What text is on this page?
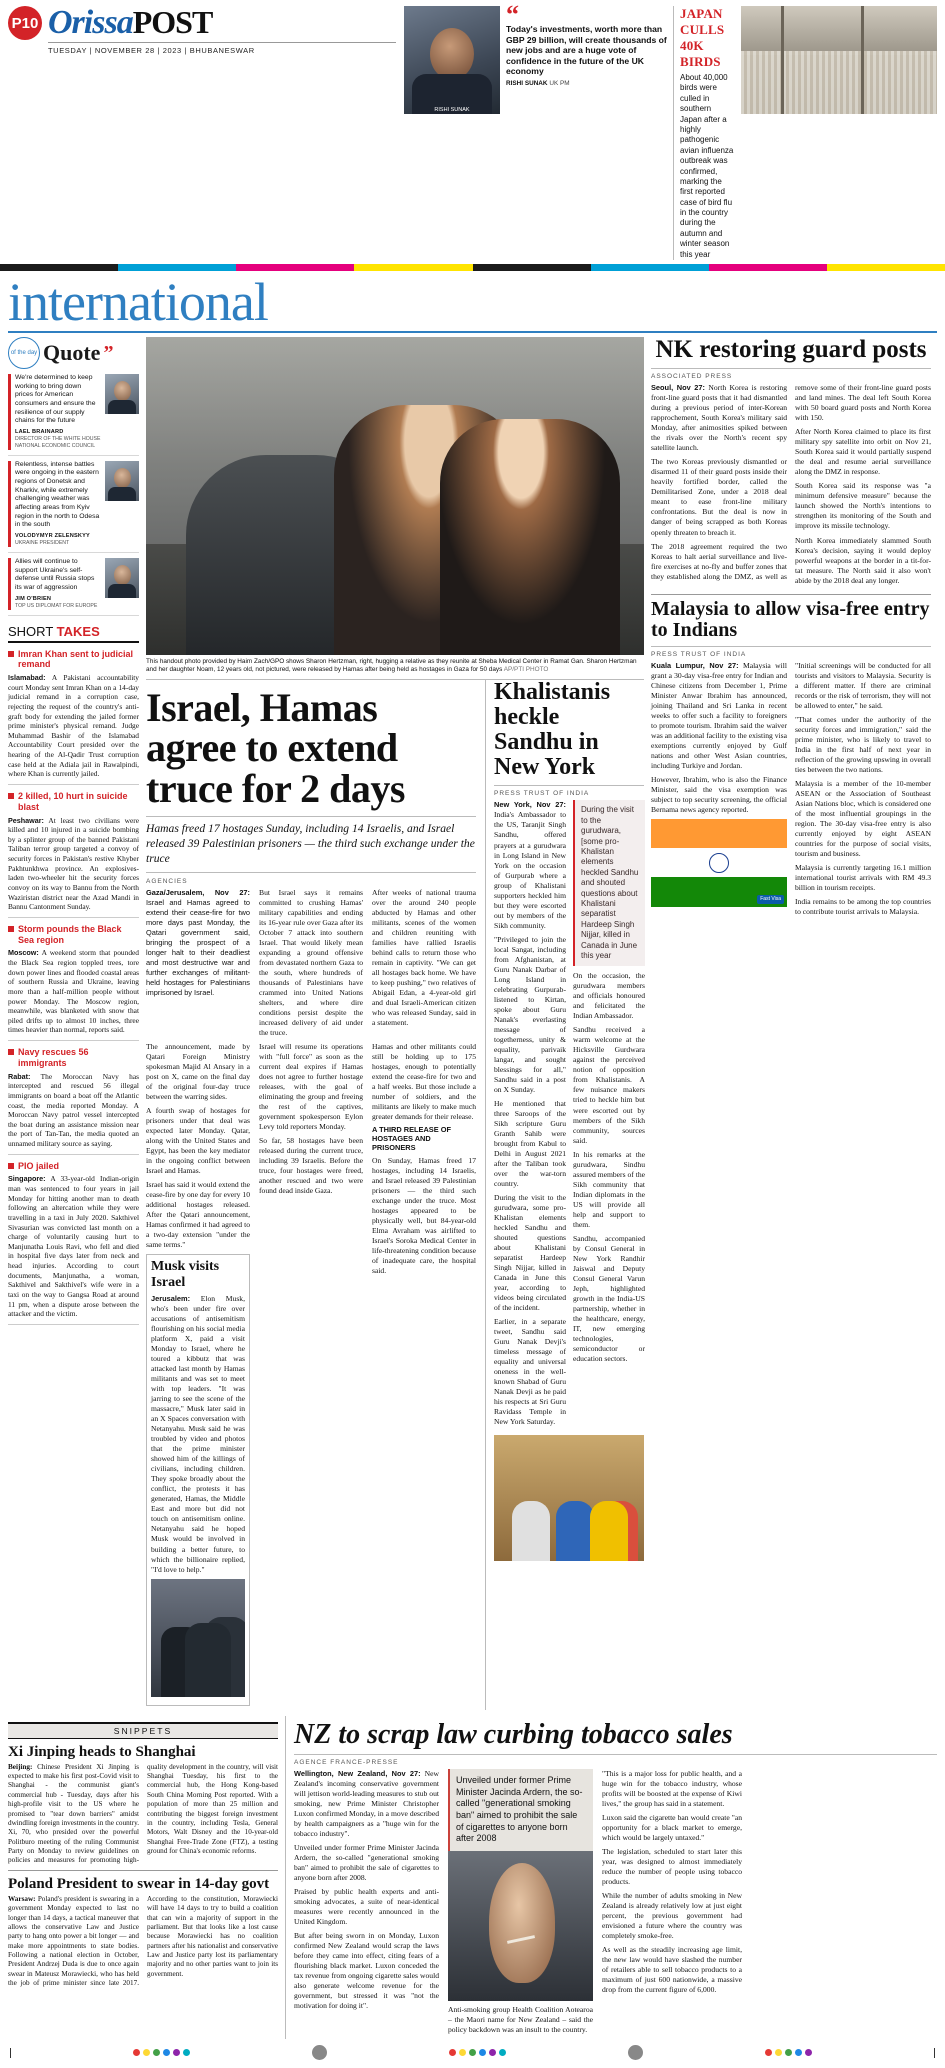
P10 Orissa POST
TUESDAY | NOVEMBER 28 | 2023 | BHUBANESWAR
RISHI SUNAK
“
Today's investments, worth more than GBP 29 billion, will create thousands of new jobs and are a huge vote of confidence in the future of the UK economy
RISHI SUNAK UK PM
JAPAN CULLS 40K BIRDS

About 40,000 birds were culled in southern Japan after a highly pathogenic avian influenza outbreak was confirmed, marking the first reported case of bird flu in the country during the autumn and winter season this year

international
of the day Quote ”
We're determined to keep working to bring down prices for American consumers and ensure the resilience of our supply chains for the future
LAEL BRAINARD
DIRECTOR OF THE WHITE HOUSE NATIONAL ECONOMIC COUNCIL
Relentless, intense battles were ongoing in the eastern regions of Donetsk and Kharkiv, while extremely challenging weather was affecting areas from Kyiv region in the north to Odesa in the south
VOLODYMYR ZELENSKYY
UKRAINE PRESIDENT
Allies will continue to support Ukraine's self-defense until Russia stops its war of aggression
JIM O'BRIEN
TOP US DIPLOMAT FOR EUROPE
SHORT TAKES
Imran Khan sent to judicial remand

Islamabad: A Pakistani accountability court Monday sent Imran Khan on a 14-day judicial remand in a corruption case, rejecting the request of the country's anti-graft body for extending the jailed former prime minister's physical remand. Judge Muhammad Bashir of the Islamabad Accountability Court presided over the hearing of the Al-Qadir Trust corruption case held at the Adiala jail in Rawalpindi, where Khan is currently jailed.

2 killed, 10 hurt in suicide blast

Peshawar: At least two civilians were killed and 10 injured in a suicide bombing by a splinter group of the banned Pakistani Taliban terror group targeted a convoy of security forces in Pakistan's restive Khyber Pakhtunkhwa province. An explosives-laden two-wheeler hit the security forces convoy on its way to Bannu from the North Waziristan district near the Azad Mandi in Bannu Cantonment Sunday.

Storm pounds the Black Sea region

Moscow: A weekend storm that pounded the Black Sea region toppled trees, tore down power lines and flooded coastal areas of southern Russia and Ukraine, leaving more than a half-million people without power Monday. The Moscow region, meanwhile, was blanketed with snow that piled drifts up to almost 10 inches, three times heavier than normal, reports said.

Navy rescues 56 immigrants

Rabat: The Moroccan Navy has intercepted and rescued 56 illegal immigrants on board a boat off the Atlantic coast, the media reported Monday. A Moroccan Navy patrol vessel intercepted the boat during an assistance mission near the port of Tan-Tan, the media quoted an unnamed military source as saying.

PIO jailed

Singapore: A 33-year-old Indian-origin man was sentenced to four years in jail Monday for hitting another man to death following an altercation while they were travelling in a taxi in July 2020. Sakthivel Sivasurian was convicted last month on a charge of voluntarily causing hurt to Manjunatha Louis Ravi, who fell and died in hospital five days later from neck and head injuries. According to court documents, Manjunatha, a woman, Sakthivel and Sakthivel's wife were in a taxi on the way to Gangsa Road at around 11 pm, when a dispute arose between the attacker and the victim.

This handout photo provided by Haim Zach/GPO shows Sharon Hertzman, right, hugging a relative as they reunite at Sheba Medical Center in Ramat Gan. Sharon Hertzman and her daughter Noam, 12 years old, not pictured, were released by Hamas after being held as hostages in Gaza for 50 days AP/PTI PHOTO
Israel, Hamas agree to extend truce for 2 days
Hamas freed 17 hostages Sunday, including 14 Israelis, and Israel released 39 Palestinian prisoners — the third such exchange under the truce
AGENCIES

Gaza/Jerusalem, Nov 27: Israel and Hamas agreed to extend their cease-fire for two more days past Monday, the Qatari government said, bringing the prospect of a longer halt to their deadliest and most destructive war and further exchanges of militant-held hostages for Palestinians imprisoned by Israel.

But Israel says it remains committed to crushing Hamas' military capabilities and ending its 16-year rule over Gaza after its October 7 attack into southern Israel. That would likely mean expanding a ground offensive from devastated northern Gaza to the south, where hundreds of thousands of Palestinians have crammed into United Nations shelters, and where dire conditions persist despite the increased delivery of aid under the truce.

After weeks of national trauma over the around 240 people abducted by Hamas and other militants, scenes of the women and children reuniting with families have rallied Israelis behind calls to return those who remain in captivity. "We can get all hostages back home. We have to keep pushing," two relatives of Abigail Edan, a 4-year-old girl and dual Israeli-American citizen who was released Sunday, said in a statement.

The announcement, made by Qatari Foreign Ministry spokesman Majid Al Ansary in a post on X, came on the final day of the original four-day truce between the warring sides.

A fourth swap of hostages for prisoners under that deal was expected later Monday. Qatar, along with the United States and Egypt, has been the key mediator in the ongoing conflict between Israel and Hamas.

Israel has said it would extend the cease-fire by one day for every 10 additional hostages released. After the Qatari announcement, Hamas confirmed it had agreed to a two-day extension "under the same terms."

Musk visits Israel

Jerusalem: Elon Musk, who's been under fire over accusations of antisemitism flourishing on his social media platform X, paid a visit Monday to Israel, where he toured a kibbutz that was attacked last month by Hamas militants and was set to meet with top leaders. "It was jarring to see the scene of the massacre," Musk later said in an X Spaces conversation with Netanyahu. Musk said he was troubled by video and photos that the prime minister showed him of the killings of civilians, including children. They spoke broadly about the conflict, the protests it has generated, Hamas, the Middle East and more but did not touch on antisemitism online. Netanyahu said he hoped Musk would be involved in building a better future, to which the billionaire replied, "I'd love to help."

Israel will resume its operations with "full force" as soon as the current deal expires if Hamas does not agree to further hostage releases, with the goal of eliminating the group and freeing the rest of the captives, government spokesperson Eylon Levy told reporters Monday.

So far, 58 hostages have been released during the current truce, including 39 Israelis. Before the truce, four hostages were freed, another rescued and two were found dead inside Gaza.

Hamas and other militants could still be holding up to 175 hostages, enough to potentially extend the cease-fire for two and a half weeks. But those include a number of soldiers, and the militants are likely to make much greater demands for their release.

A THIRD RELEASE OF HOSTAGES AND PRISONERS

On Sunday, Hamas freed 17 hostages, including 14 Israelis, and Israel released 39 Palestinian prisoners — the third such exchange under the truce. Most hostages appeared to be physically well, but 84-year-old Elma Avraham was airlifted to Israel's Soroka Medical Center in life-threatening condition because of inadequate care, the hospital said.

Khalistanis heckle Sandhu in New York
PRESS TRUST OF INDIA

New York, Nov 27: India's Ambassador to the US, Taranjit Singh Sandhu, offered prayers at a gurudwara in Long Island in New York on the occasion of Gurpurab where a group of Khalistani supporters heckled him but they were escorted out by members of the Sikh community.

"Privileged to join the local Sangat, including from Afghanistan, at Guru Nanak Darbar of Long Island in celebrating Gurpurab- listened to Kirtan, spoke about Guru Nanak's everlasting message of togetherness, unity & equality, parivaik langar, and sought blessings for all," Sandhu said in a post on X Sunday.

He mentioned that three Saroops of the Sikh scripture Guru Granth Sahib were brought from Kabul to Delhi in August 2021 after the Taliban took over the war-torn country.

During the visit to the gurudwara, some pro-Khalistan elements heckled Sandhu and shouted questions about Khalistani separatist Hardeep Singh Nijjar, killed in Canada in June this year, according to videos being circulated of the incident.

Earlier, in a separate tweet, Sandhu said Guru Nanak Devji's timeless message of equality and universal oneness in the well-known Shabad of Guru Nanak Devji as he paid his respects at Sri Guru Ravidass Temple in New York Saturday.

During the visit to the gurudwara, [some pro-Khalistan elements heckled Sandhu and shouted questions about Khalistani separatist Hardeep Singh Nijjar, killed in Canada in June this year

On the occasion, the gurudwara members and officials honoured and felicitated the Indian Ambassador.

Sandhu received a warm welcome at the Hicksville Gurdwara against the perceived notion of opposition from Khalistanis. A few nuisance makers tried to heckle him but were escorted out by members of the Sikh community, sources said.

In his remarks at the gurudwara, Sindhu assured members of the Sikh community that Indian diplomats in the US will provide all help and support to them.

Sandhu, accompanied by Consul General in New York Randhir Jaiswal and Deputy Consul General Varun Jeph, highlighted growth in the India-US partnership, whether in the healthcare, energy, IT, new emerging technologies, semiconductor or education sectors.

NK restoring guard posts
ASSOCIATED PRESS

Seoul, Nov 27: North Korea is restoring front-line guard posts that it had dismantled during a previous period of inter-Korean rapprochement, South Korea's military said Monday, after animosities spiked between the rivals over the North's recent spy satellite launch.

The two Koreas previously dismantled or disarmed 11 of their guard posts inside their heavily fortified border, called the Demilitarised Zone, under a 2018 deal meant to ease front-line military confrontations. But the deal is now in danger of being scrapped as both Koreas openly threaten to breach it.

The 2018 agreement required the two Koreas to halt aerial surveillance and live-fire exercises at no-fly and buffer zones that they established along the DMZ, as well as remove some of their front-line guard posts and land mines. The deal left South Korea with 50 board guard posts and North Korea with 150.

After North Korea claimed to place its first military spy satellite into orbit on Nov 21, South Korea said it would partially suspend the deal and resume aerial surveillance along the DMZ in response.

South Korea said its response was "a minimum defensive measure" because the launch showed the North's intentions to strengthen its monitoring of the South and improve its missile technology.

North Korea immediately slammed South Korea's decision, saying it would deploy powerful weapons at the border in a tit-for-tat measure. The North said it also won't abide by the 2018 deal any longer.

Malaysia to allow visa-free entry to Indians
PRESS TRUST OF INDIA

Kuala Lumpur, Nov 27: Malaysia will grant a 30-day visa-free entry for Indian and Chinese citizens from December 1, Prime Minister Anwar Ibrahim has announced, joining Thailand and Sri Lanka in recent weeks to offer such a facility to foreigners to promote tourism. Ibrahim said the waiver was an additional facility to the existing visa exemptions currently enjoyed by Gulf nations and other West Asian countries, including Turkiye and Jordan.

However, Ibrahim, who is also the Finance Minister, said the visa exemption was subject to top security screening, the official Bernama news agency reported.

Fast Visa

"Initial screenings will be conducted for all tourists and visitors to Malaysia. Security is a different matter. If there are criminal records or the risk of terrorism, they will not be allowed to enter," he said.

"That comes under the authority of the security forces and immigration," said the prime minister, who is likely to travel to India in the first half of next year in reflection of the growing upswing in overall ties between the two nations.

Malaysia is a member of the 10-member ASEAN or the Association of Southeast Asian Nations bloc, which is considered one of the most influential groupings in the region. The 30-day visa-free entry is also currently enjoyed by eight ASEAN countries for the purpose of social visits, tourism and business.

Malaysia is currently targeting 16.1 million international tourist arrivals with RM 49.3 billion in tourism receipts.

India remains to be among the top countries to contribute tourist arrivals to Malaysia.

SNIPPETS
Xi Jinping heads to Shanghai

Beijing: Chinese President Xi Jinping is expected to make his first post-Covid visit to Shanghai - the communist giant's commercial hub - Tuesday, days after his high-profile visit to the US where he promised to "tear down barriers" amidst dwindling foreign investments in the country. Xi, 70, who presided over the powerful Politburo meeting of the ruling Communist Party on Monday to review guidelines on policies and measures for promoting high-quality development in the country, will visit Shanghai Tuesday, his first to the commercial hub, the Hong Kong-based South China Morning Post reported. With a population of more than 25 million and contributing the biggest foreign investment in the country, including Tesla, General Motors, Walt Disney and the 10-year-old Shanghai Free-Trade Zone (FTZ), a testing ground for China's economic reforms.

Poland President to swear in 14-day govt

Warsaw: Poland's president is swearing in a government Monday expected to last no longer than 14 days, a tactical maneuver that allows the conservative Law and Justice party to hang onto power a bit longer — and make more appointments to state bodies. Following a national election in October, President Andrzej Duda is due to once again swear in Mateusz Morawiecki, who has held the job of prime minister since late 2017. According to the constitution, Morawiecki will have 14 days to try to build a coalition that can win a majority of support in the parliament. But that looks like a lost cause because Morawiecki has no coalition partners after his nationalist and conservative Law and Justice party lost its parliamentary majority and no other parties want to join its government.

NZ to scrap law curbing tobacco sales
AGENCE FRANCE-PRESSE

Wellington, New Zealand, Nov 27: New Zealand's incoming conservative government will jettison world-leading measures to stub out smoking, new Prime Minister Christopher Luxon confirmed Monday, in a move described by health campaigners as a "huge win for the tobacco industry".

Unveiled under former Prime Minister Jacinda Ardern, the so-called "generational smoking ban" aimed to prohibit the sale of cigarettes to anyone born after 2008.

Praised by public health experts and anti-smoking advocates, a suite of near-identical measures were recently announced in the United Kingdom.

But after being sworn in on Monday, Luxon confirmed New Zealand would scrap the laws before they came into effect, citing fears of a flourishing black market. Luxon conceded the tax revenue from ongoing cigarette sales would also generate welcome revenue for the government, but stressed it was "not the motivation for doing it".

Unveiled under former Prime Minister Jacinda Ardern, the so-called "generational smoking ban" aimed to prohibit the sale of cigarettes to anyone born after 2008

Anti-smoking group Health Coalition Aotearoa – the Maori name for New Zealand – said the policy backdown was an insult to the country.

"This is a major loss for public health, and a huge win for the tobacco industry, whose profits will be boosted at the expense of Kiwi lives," the group has said in a statement.

Luxon said the cigarette ban would create "an opportunity for a black market to emerge, which would be largely untaxed."

The legislation, scheduled to start later this year, was designed to almost immediately reduce the number of people using tobacco products.

While the number of adults smoking in New Zealand is already relatively low at just eight percent, the previous government had envisioned a future where the country was completely smoke-free.

As well as the steadily increasing age limit, the new law would have slashed the number of retailers able to sell tobacco products to a maximum of just 600 nationwide, a massive drop from the current figure of 6,000.
